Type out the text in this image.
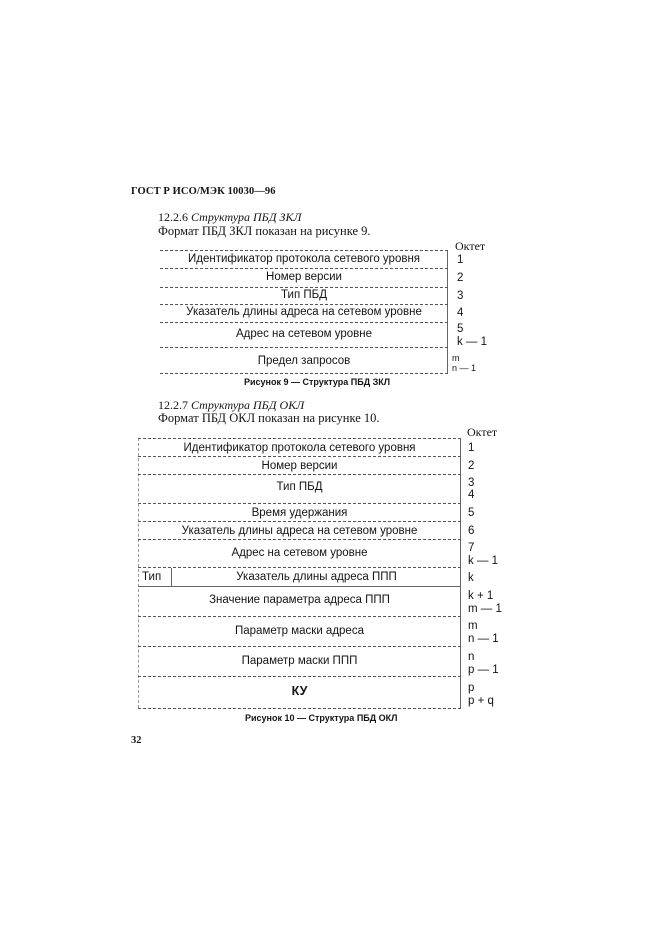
ГОСТ Р ИСО/МЭК 10030—96
12.2.6 Структура ПБД ЗКЛ
Формат ПБД ЗКЛ показан на рисунке 9.
Октет
Идентификатор протокола сетевого уровня
Номер версии
Тип ПБД
Указатель длины адреса на сетевом уровне
Адрес на сетевом уровне
Предел запросов
1
2
3
4
5
k — 1
m
n — 1
Рисунок 9 — Структура ПБД ЗКЛ
12.2.7 Структура ПБД ОКЛ
Формат ПБД ОКЛ показан на рисунке 10.
Октет
Идентификатор протокола сетевого уровня
Номер версии
Тип ПБД
Время удержания
Указатель длины адреса на сетевом уровне
Адрес на сетевом уровне
Тип	Указатель длины адреса ППП
Значение параметра адреса ППП
Параметр маски адреса
Параметр маски ППП
КУ
1
2
3
4
5
6
7
k — 1
k
k + 1
m — 1
m
n — 1
n
p — 1
p
p + q
Рисунок 10 — Структура ПБД ОКЛ
32
